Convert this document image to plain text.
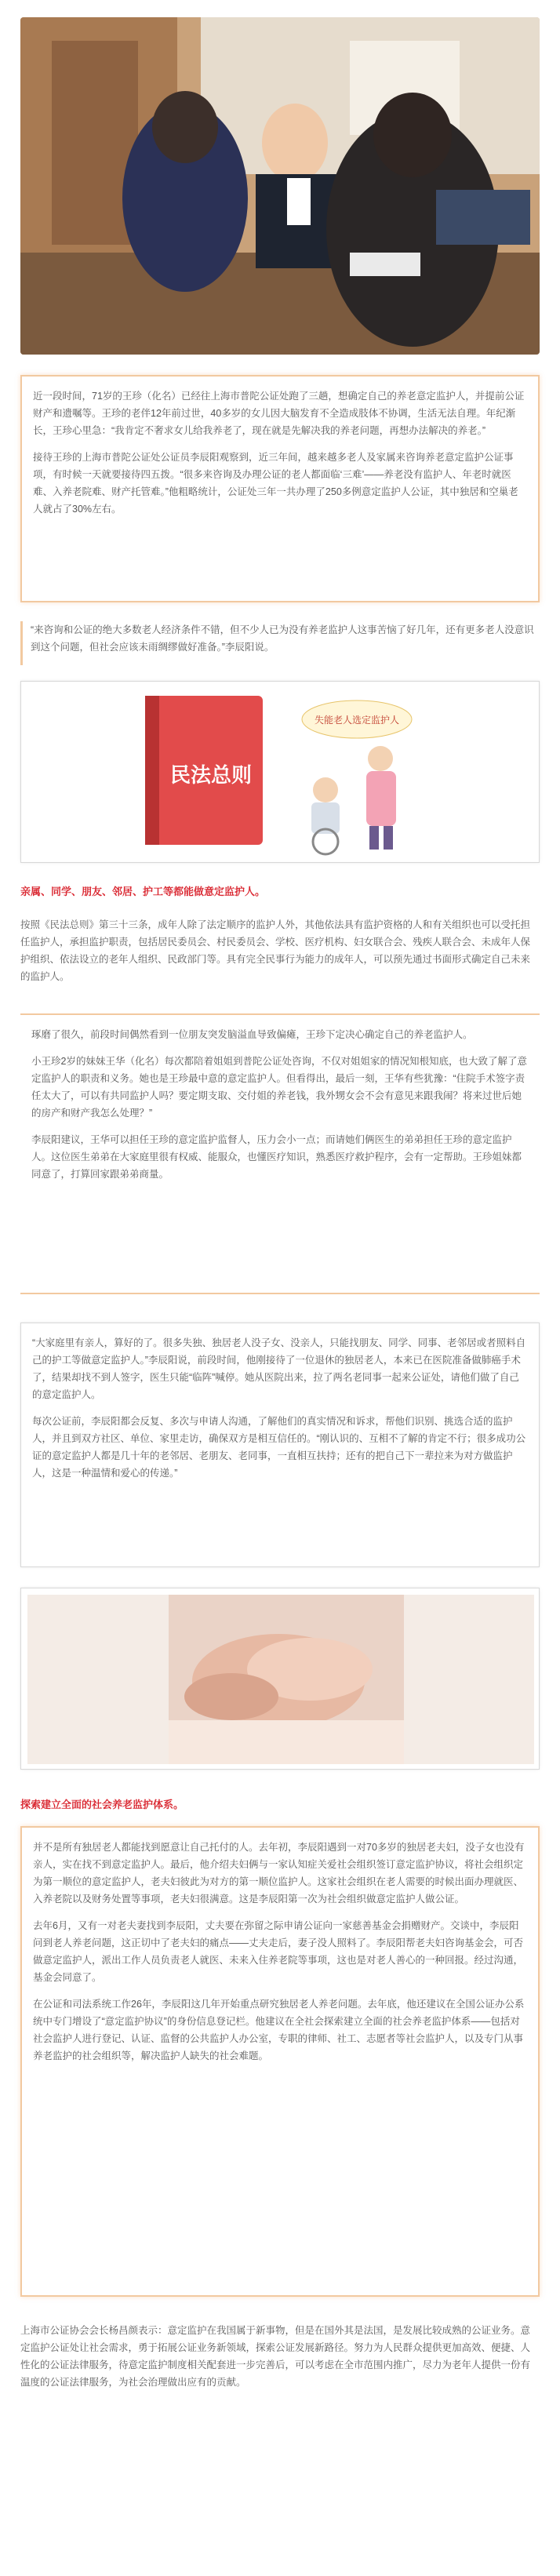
近一段时间，71岁的王珍（化名）已经往上海市普陀公证处跑了三趟，想确定自己的养老意定监护人，并提前公证财产和遗嘱等。王珍的老伴12年前过世，40多岁的女儿因大脑发育不全造成肢体不协调，生活无法自理。年纪渐长，王珍心里急：“我肯定不奢求女儿给我养老了，现在就是先解决我的养老问题，再想办法解决的养老。”

接待王珍的上海市普陀公证处公证员李辰阳观察到，近三年间，越来越多老人及家属来咨询养老意定监护公证事项，有时候一天就要接待四五拨。“很多来咨询及办理公证的老人都面临‘三难’——养老没有监护人、年老时就医难、入养老院难、财产托管难。”他粗略统计，公证处三年一共办理了250多例意定监护人公证，其中独居和空巢老人就占了30%左右。

“来咨询和公证的绝大多数老人经济条件不错，但不少人已为没有养老监护人这事苦恼了好几年，还有更多老人没意识到这个问题，但社会应该未雨绸缪做好准备。”李辰阳说。

民法总则
失能老人选定监护人
亲属、同学、朋友、邻居、护工等都能做意定监护人。

按照《民法总则》第三十三条，成年人除了法定顺序的监护人外，其他依法具有监护资格的人和有关组织也可以受托担任监护人，承担监护职责，包括居民委员会、村民委员会、学校、医疗机构、妇女联合会、残疾人联合会、未成年人保护组织、依法设立的老年人组织、民政部门等。具有完全民事行为能力的成年人，可以预先通过书面形式确定自己未来的监护人。

琢磨了很久，前段时间偶然看到一位朋友突发脑溢血导致偏瘫，王珍下定决心确定自己的养老监护人。

小王珍2岁的妹妹王华（化名）每次都陪着姐姐到普陀公证处咨询，不仅对姐姐家的情况知根知底，也大致了解了意定监护人的职责和义务。她也是王珍最中意的意定监护人。但看得出，最后一刻，王华有些犹豫：“住院手术签字责任太大了，可以有共同监护人吗？要定期支取、交付姐的养老钱，我外甥女会不会有意见来跟我闹？将来过世后她的房产和财产我怎么处理？”

李辰阳建议，王华可以担任王珍的意定监护监督人，压力会小一点；而请她们俩医生的弟弟担任王珍的意定监护人。这位医生弟弟在大家庭里很有权威、能服众，也懂医疗知识，熟悉医疗救护程序，会有一定帮助。王珍姐妹都同意了，打算回家跟弟弟商量。

“大家庭里有亲人，算好的了。很多失独、独居老人没子女、没亲人，只能找朋友、同学、同事、老邻居或者照料自己的护工等做意定监护人。”李辰阳说，前段时间，他刚接待了一位退休的独居老人，本来已在医院准备做肺癌手术了，结果却找不到人签字，医生只能“临阵”喊停。她从医院出来，拉了两名老同事一起来公证处，请他们做了自己的意定监护人。

每次公证前，李辰阳都会反复、多次与申请人沟通，了解他们的真实情况和诉求，帮他们识别、挑选合适的监护人，并且到双方社区、单位、家里走访，确保双方是相互信任的。“刚认识的、互相不了解的肯定不行；很多成功公证的意定监护人都是几十年的老邻居、老朋友、老同事，一直相互扶持；还有的把自己下一辈拉来为对方做监护人，这是一种温情和爱心的传递。”

探索建立全面的社会养老监护体系。

并不是所有独居老人都能找到愿意让自己托付的人。去年初，李辰阳遇到一对70多岁的独居老夫妇，没子女也没有亲人，实在找不到意定监护人。最后，他介绍夫妇俩与一家认知症关爱社会组织签订意定监护协议，将社会组织定为第一顺位的意定监护人，老夫妇彼此为对方的第一顺位监护人。这家社会组织在老人需要的时候出面办理就医、入养老院以及财务处置等事项，老夫妇很满意。这是李辰阳第一次为社会组织做意定监护人做公证。

去年6月，又有一对老夫妻找到李辰阳，丈夫要在弥留之际申请公证向一家慈善基金会捐赠财产。交谈中，李辰阳问到老人养老问题，这正切中了老夫妇的痛点——丈夫走后，妻子没人照料了。李辰阳帮老夫妇咨询基金会，可否做意定监护人，派出工作人员负责老人就医、未来入住养老院等事项，这也是对老人善心的一种回报。经过沟通，基金会同意了。

在公证和司法系统工作26年，李辰阳这几年开始重点研究独居老人养老问题。去年底，他还建议在全国公证办公系统中专门增设了“意定监护协议”的身份信息登记栏。他建议在全社会探索建立全面的社会养老监护体系——包括对社会监护人进行登记、认证、监督的公共监护人办公室，专职的律师、社工、志愿者等社会监护人，以及专门从事养老监护的社会组织等，解决监护人缺失的社会难题。

上海市公证协会会长杨昌颜表示：意定监护在我国属于新事物，但是在国外其是法国，是发展比较成熟的公证业务。意定监护公证处让社会需求，勇于拓展公证业务新领域，探索公证发展新路径。努力为人民群众提供更加高效、便捷、人性化的公证法律服务，待意定监护制度相关配套进一步完善后，可以考虑在全市范围内推广，尽力为老年人提供一份有温度的公证法律服务，为社会治理做出应有的贡献。
